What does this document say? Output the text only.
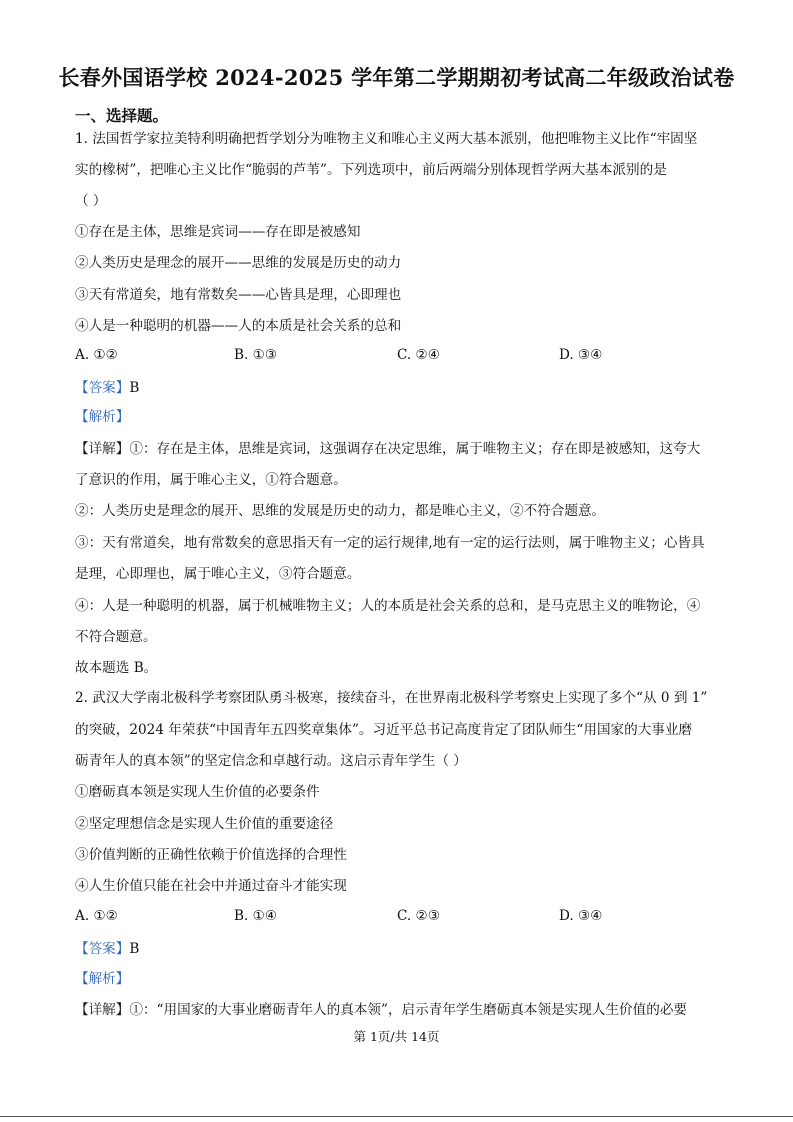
长春外国语学校 2024-2025 学年第二学期期初考试高二年级政治试卷
一、选择题。
1. 法国哲学家拉美特利明确把哲学划分为唯物主义和唯心主义两大基本派别，他把唯物主义比作“牢固坚
实的橡树”，把唯心主义比作“脆弱的芦苇”。下列选项中，前后两端分别体现哲学两大基本派别的是
（ ）
①存在是主体，思维是宾词——存在即是被感知
②人类历史是理念的展开——思维的发展是历史的动力
③天有常道矣，地有常数矣——心皆具是理，心即理也
④人是一种聪明的机器——人的本质是社会关系的总和
A. ①②	B. ①③	C. ②④	D. ③④
【答案】B
【解析】
【详解】①：存在是主体，思维是宾词，这强调存在决定思维，属于唯物主义；存在即是被感知，这夸大
了意识的作用，属于唯心主义，①符合题意。
②：人类历史是理念的展开、思维的发展是历史的动力，都是唯心主义，②不符合题意。
③：天有常道矣，地有常数矣的意思指天有一定的运行规律,地有一定的运行法则，属于唯物主义；心皆具
是理，心即理也，属于唯心主义，③符合题意。
④：人是一种聪明的机器，属于机械唯物主义；人的本质是社会关系的总和，是马克思主义的唯物论，④
不符合题意。
故本题选 B。
2. 武汉大学南北极科学考察团队勇斗极寒，接续奋斗，在世界南北极科学考察史上实现了多个“从 0 到 1”
的突破，2024 年荣获“中国青年五四奖章集体”。习近平总书记高度肯定了团队师生“用国家的大事业磨
砺青年人的真本领”的坚定信念和卓越行动。这启示青年学生（ ）
①磨砺真本领是实现人生价值的必要条件
②坚定理想信念是实现人生价值的重要途径
③价值判断的正确性依赖于价值选择的合理性
④人生价值只能在社会中并通过奋斗才能实现
A. ①②	B. ①④	C. ②③	D. ③④
【答案】B
【解析】
【详解】①：“用国家的大事业磨砺青年人的真本领”，启示青年学生磨砺真本领是实现人生价值的必要
第 1页/共 14页
